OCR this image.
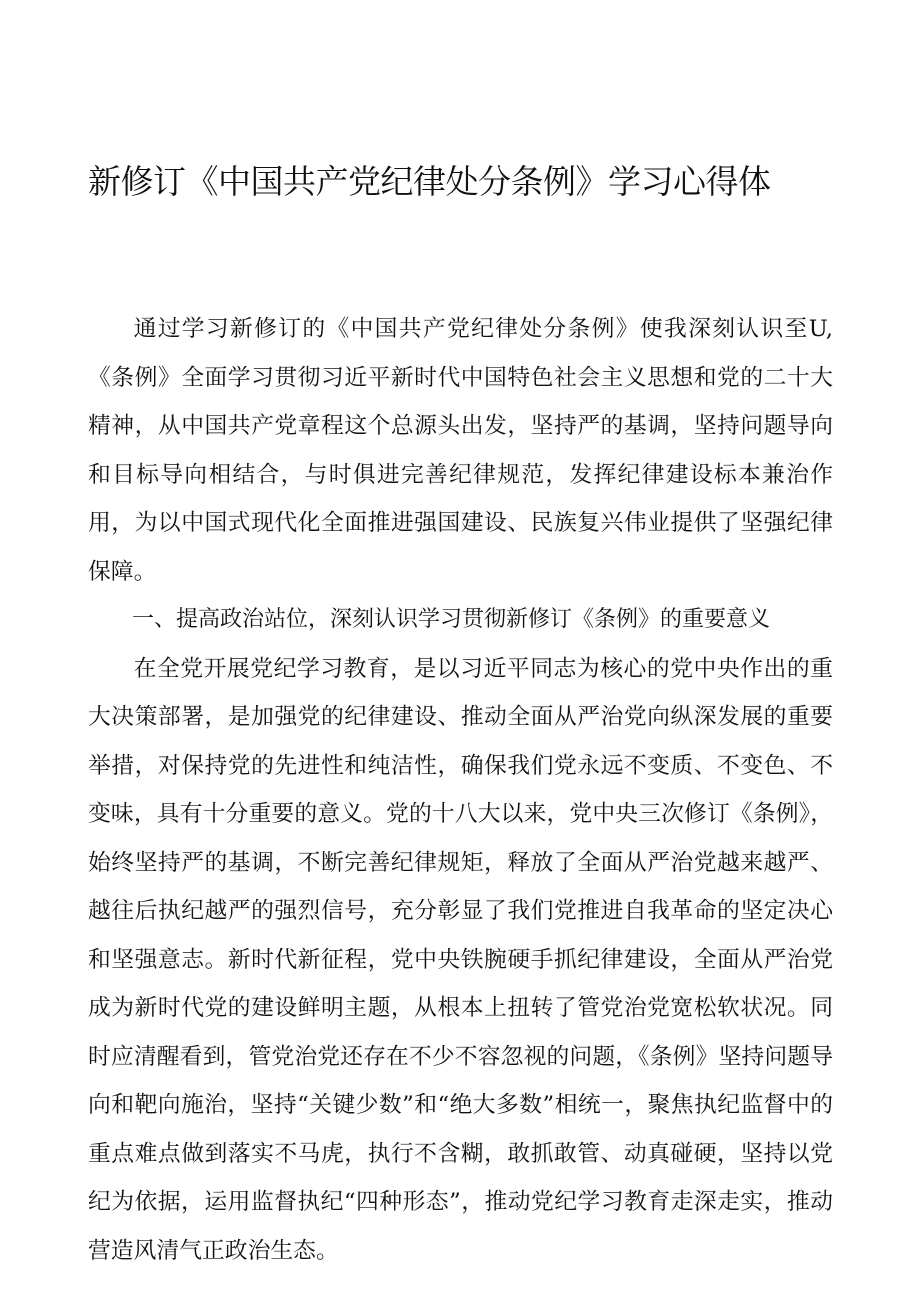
新修订《中国共产党纪律处分条例》学习心得体

通过学习新修订的《中国共产党纪律处分条例》使我深刻认识至U,《条例》全面学习贯彻习近平新时代中国特色社会主义思想和党的二十大精神，从中国共产党章程这个总源头出发，坚持严的基调，坚持问题导向和目标导向相结合，与时俱进完善纪律规范，发挥纪律建设标本兼治作用，为以中国式现代化全面推进强国建设、民族复兴伟业提供了坚强纪律保障。

一、提高政治站位，深刻认识学习贯彻新修订《条例》的重要意义

在全党开展党纪学习教育，是以习近平同志为核心的党中央作出的重大决策部署，是加强党的纪律建设、推动全面从严治党向纵深发展的重要举措，对保持党的先进性和纯洁性，确保我们党永远不变质、不变色、不变味，具有十分重要的意义。党的十八大以来，党中央三次修订《条例》，始终坚持严的基调，不断完善纪律规矩，释放了全面从严治党越来越严、越往后执纪越严的强烈信号，充分彰显了我们党推进自我革命的坚定决心和坚强意志。新时代新征程，党中央铁腕硬手抓纪律建设，全面从严治党成为新时代党的建设鲜明主题，从根本上扭转了管党治党宽松软状况。同时应清醒看到，管党治党还存在不少不容忽视的问题，《条例》坚持问题导向和靶向施治，坚持“关键少数”和“绝大多数”相统一，聚焦执纪监督中的重点难点做到落实不马虎，执行不含糊，敢抓敢管、动真碰硬，坚持以党纪为依据，运用监督执纪“四种形态”，推动党纪学习教育走深走实，推动营造风清气正政治生态。
